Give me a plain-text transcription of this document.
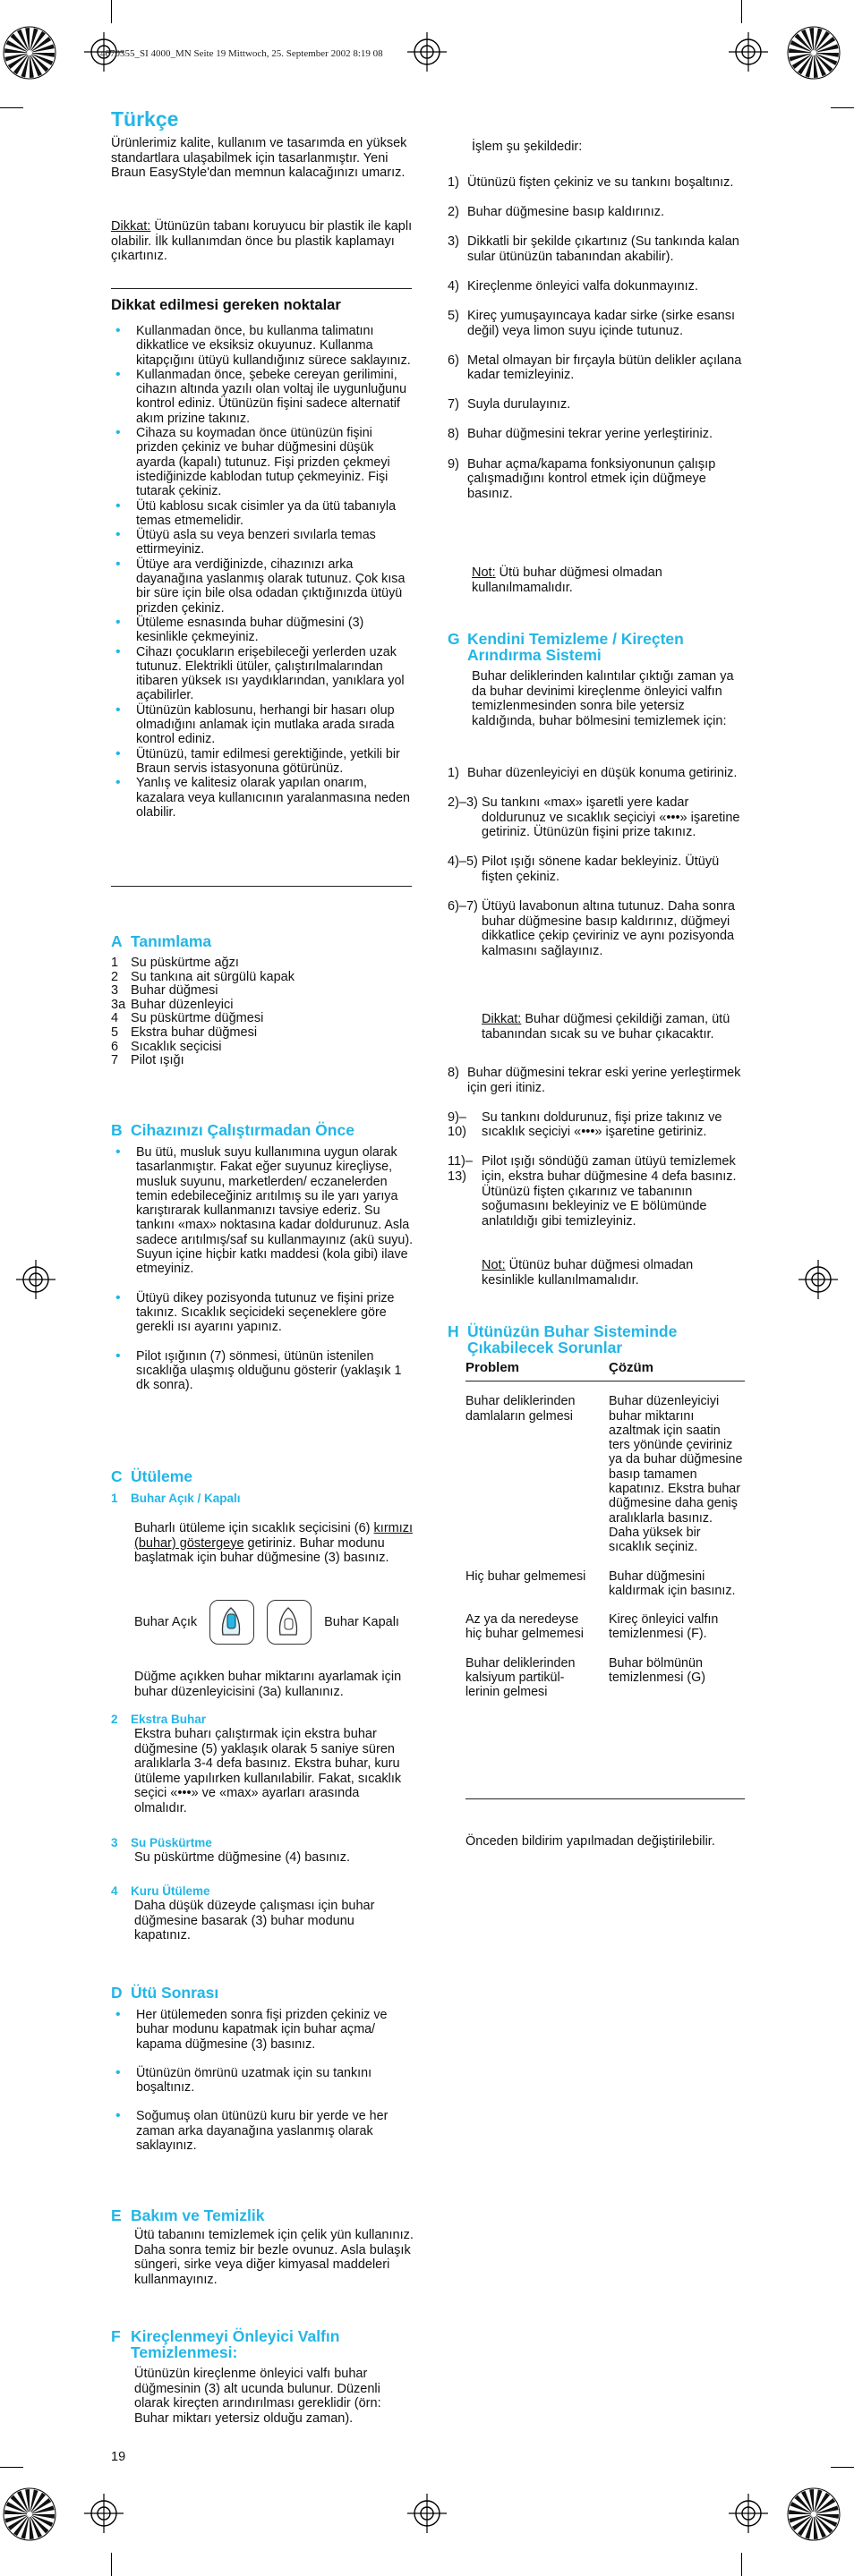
4670355_SI 4000_MN Seite 19 Mittwoch, 25. September 2002 8:19 08
Türkçe
Ürünlerimiz kalite, kullanım ve tasarımda en yüksek standartlara ulaşabilmek için tasarlanmıştır. Yeni Braun EasyStyle'dan memnun kalacağınızı umarız.
Dikkat: Ütünüzün tabanı koruyucu bir plastik ile kaplı olabilir. İlk kullanımdan önce bu plastik kaplamayı çıkartınız.
Dikkat edilmesi gereken noktalar
• Kullanmadan önce, bu kullanma talimatını dikkatlice ve eksiksiz okuyunuz. Kullanma kitapçığını ütüyü kullandığınız sürece saklayınız.
• Kullanmadan önce, şebeke cereyan gerilimini, cihazın altında yazılı olan voltaj ile uygunluğunu kontrol ediniz. Ütünüzün fişini sadece alternatif akım prizine takınız.
• Cihaza su koymadan önce ütünüzün fişini prizden çekiniz ve buhar düğmesini düşük ayarda (kapalı) tutunuz. Fişi prizden çekmeyi istediğinizde kablodan tutup çekmeyiniz. Fişi tutarak çekiniz.
• Ütü kablosu sıcak cisimler ya da ütü tabanıyla temas etmemelidir.
• Ütüyü asla su veya benzeri sıvılarla temas ettirmeyiniz.
• Ütüye ara verdiğinizde, cihazınızı arka dayanağına yaslanmış olarak tutunuz. Çok kısa bir süre için bile olsa odadan çıktığınızda ütüyü prizden çekiniz.
• Ütüleme esnasında buhar düğmesini (3) kesinlikle çekmeyiniz.
• Cihazı çocukların erişebileceği yerlerden uzak tutunuz. Elektrikli ütüler, çalıştırılmalarından itibaren yüksek ısı yaydıklarından, yanıklara yol açabilirler.
• Ütünüzün kablosunu, herhangi bir hasarı olup olmadığını anlamak için mutlaka arada sırada kontrol ediniz.
• Ütünüzü, tamir edilmesi gerektiğinde, yetkili bir Braun servis istasyonuna götürünüz.
• Yanlış ve kalitesiz olarak yapılan onarım, kazalara veya kullanıcının yaralanmasına neden olabilir.
A Tanımlama
1 Su püskürtme ağzı
2 Su tankına ait sürgülü kapak
3 Buhar düğmesi
3a Buhar düzenleyici
4 Su püskürtme düğmesi
5 Ekstra buhar düğmesi
6 Sıcaklık seçicisi
7 Pilot ışığı
B Cihazınızı Çalıştırmadan Önce
• Bu ütü, musluk suyu kullanımına uygun olarak tasarlanmıştır. Fakat eğer suyunuz kireçliyse, musluk suyunu, marketlerden/ eczanelerden temin edebileceğiniz arıtılmış su ile yarı yarıya karıştırarak kullanmanızı tavsiye ederiz. Su tankını «max» noktasına kadar doldurunuz. Asla sadece arıtılmış/saf su kullanmayınız (akü suyu). Suyun içine hiçbir katkı maddesi (kola gibi) ilave etmeyiniz.
• Ütüyü dikey pozisyonda tutunuz ve fişini prize takınız. Sıcaklık seçicideki seçeneklere göre gerekli ısı ayarını yapınız.
• Pilot ışığının (7) sönmesi, ütünün istenilen sıcaklığa ulaşmış olduğunu gösterir (yaklaşık 1 dk sonra).
C Ütüleme
1 Buhar Açık / Kapalı
Buharlı ütüleme için sıcaklık seçicisini (6) kırmızı (buhar) göstergeye getiriniz. Buhar modunu başlatmak için buhar düğmesine (3) basınız.
Buhar Açık	Buhar Kapalı
Düğme açıkken buhar miktarını ayarlamak için buhar düzenleyicisini (3a) kullanınız.
2 Ekstra Buhar
Ekstra buharı çalıştırmak için ekstra buhar düğmesine (5) yaklaşık olarak 5 saniye süren aralıklarla 3-4 defa basınız. Ekstra buhar, kuru ütüleme yapılırken kullanılabilir. Fakat, sıcaklık seçici «•••» ve «max» ayarları arasında olmalıdır.
3 Su Püskürtme
Su püskürtme düğmesine (4) basınız.
4 Kuru Ütüleme
Daha düşük düzeyde çalışması için buhar düğmesine basarak (3) buhar modunu kapatınız.
D Ütü Sonrası
• Her ütülemeden sonra fişi prizden çekiniz ve buhar modunu kapatmak için buhar açma/ kapama düğmesine (3) basınız.
• Ütünüzün ömrünü uzatmak için su tankını boşaltınız.
• Soğumuş olan ütünüzü kuru bir yerde ve her zaman arka dayanağına yaslanmış olarak saklayınız.
E Bakım ve Temizlik
Ütü tabanını temizlemek için çelik yün kullanınız. Daha sonra temiz bir bezle ovunuz. Asla bulaşık süngeri, sirke veya diğer kimyasal maddeleri kullanmayınız.
F Kireçlenmeyi Önleyici Valfın Temizlenmesi:
Ütünüzün kireçlenme önleyici valfı buhar düğmesinin (3) alt ucunda bulunur. Düzenli olarak kireçten arındırılması gereklidir (örn: Buhar miktarı yetersiz olduğu zaman).
19
İşlem şu şekildedir:
1) Ütünüzü fişten çekiniz ve su tankını boşaltınız.
2) Buhar düğmesine basıp kaldırınız.
3) Dikkatli bir şekilde çıkartınız (Su tankında kalan sular ütünüzün tabanından akabilir).
4) Kireçlenme önleyici valfa dokunmayınız.
5) Kireç yumuşayıncaya kadar sirke (sirke esansı değil) veya limon suyu içinde tutunuz.
6) Metal olmayan bir fırçayla bütün delikler açılana kadar temizleyiniz.
7) Suyla durulayınız.
8) Buhar düğmesini tekrar yerine yerleştiriniz.
9) Buhar açma/kapama fonksiyonunun çalışıp çalışmadığını kontrol etmek için düğmeye basınız.
Not: Ütü buhar düğmesi olmadan kullanılmamalıdır.
G Kendini Temizleme / Kireçten Arındırma Sistemi
Buhar deliklerinden kalıntılar çıktığı zaman ya da buhar devinimi kireçlenme önleyici valfın temizlenmesinden sonra bile yetersiz kaldığında, buhar bölmesini temizlemek için:
1) Buhar düzenleyiciyi en düşük konuma getiriniz.
2)–3) Su tankını «max» işaretli yere kadar doldurunuz ve sıcaklık seçiciyi «•••» işaretine getiriniz. Ütünüzün fişini prize takınız.
4)–5) Pilot ışığı sönene kadar bekleyiniz. Ütüyü fişten çekiniz.
6)–7) Ütüyü lavabonun altına tutunuz. Daha sonra buhar düğmesine basıp kaldırınız, düğmeyi dikkatlice çekip çeviriniz ve aynı pozisyonda kalmasını sağlayınız.
Dikkat: Buhar düğmesi çekildiği zaman, ütü tabanından sıcak su ve buhar çıkacaktır.
8) Buhar düğmesini tekrar eski yerine yerleştirmek için geri itiniz.
9)–10)
Su tankını doldurunuz, fişi prize takınız ve sıcaklık seçiciyi «•••» işaretine getiriniz.
11)–13)
Pilot ışığı söndüğü zaman ütüyü temizlemek için, ekstra buhar düğmesine 4 defa basınız. Ütünüzü fişten çıkarınız ve tabanının soğumasını bekleyiniz ve E bölümünde anlatıldığı gibi temizleyiniz.
Not: Ütünüz buhar düğmesi olmadan kesinlikle kullanılmamalıdır.
H Ütünüzün Buhar Sisteminde Çıkabilecek Sorunlar
Problem	Çözüm

Buhar deliklerinden damlaların gelmesi	Buhar düzenleyiciyi buhar miktarını azaltmak için saatin ters yönünde çeviriniz ya da buhar düğmesine basıp tamamen kapatınız. Ekstra buhar düğmesine daha geniş aralıklarla basınız. Daha yüksek bir sıcaklık seçiniz.
Hiç buhar gelmemesi	Buhar düğmesini kaldırmak için basınız.
Az ya da neredeyse hiç buhar gelmemesi	Kireç önleyici valfın temizlenmesi (F).
Buhar deliklerinden kalsiyum partikül-lerinin gelmesi	Buhar bölmünün temizlenmesi (G)
Önceden bildirim yapılmadan değiştirilebilir.
